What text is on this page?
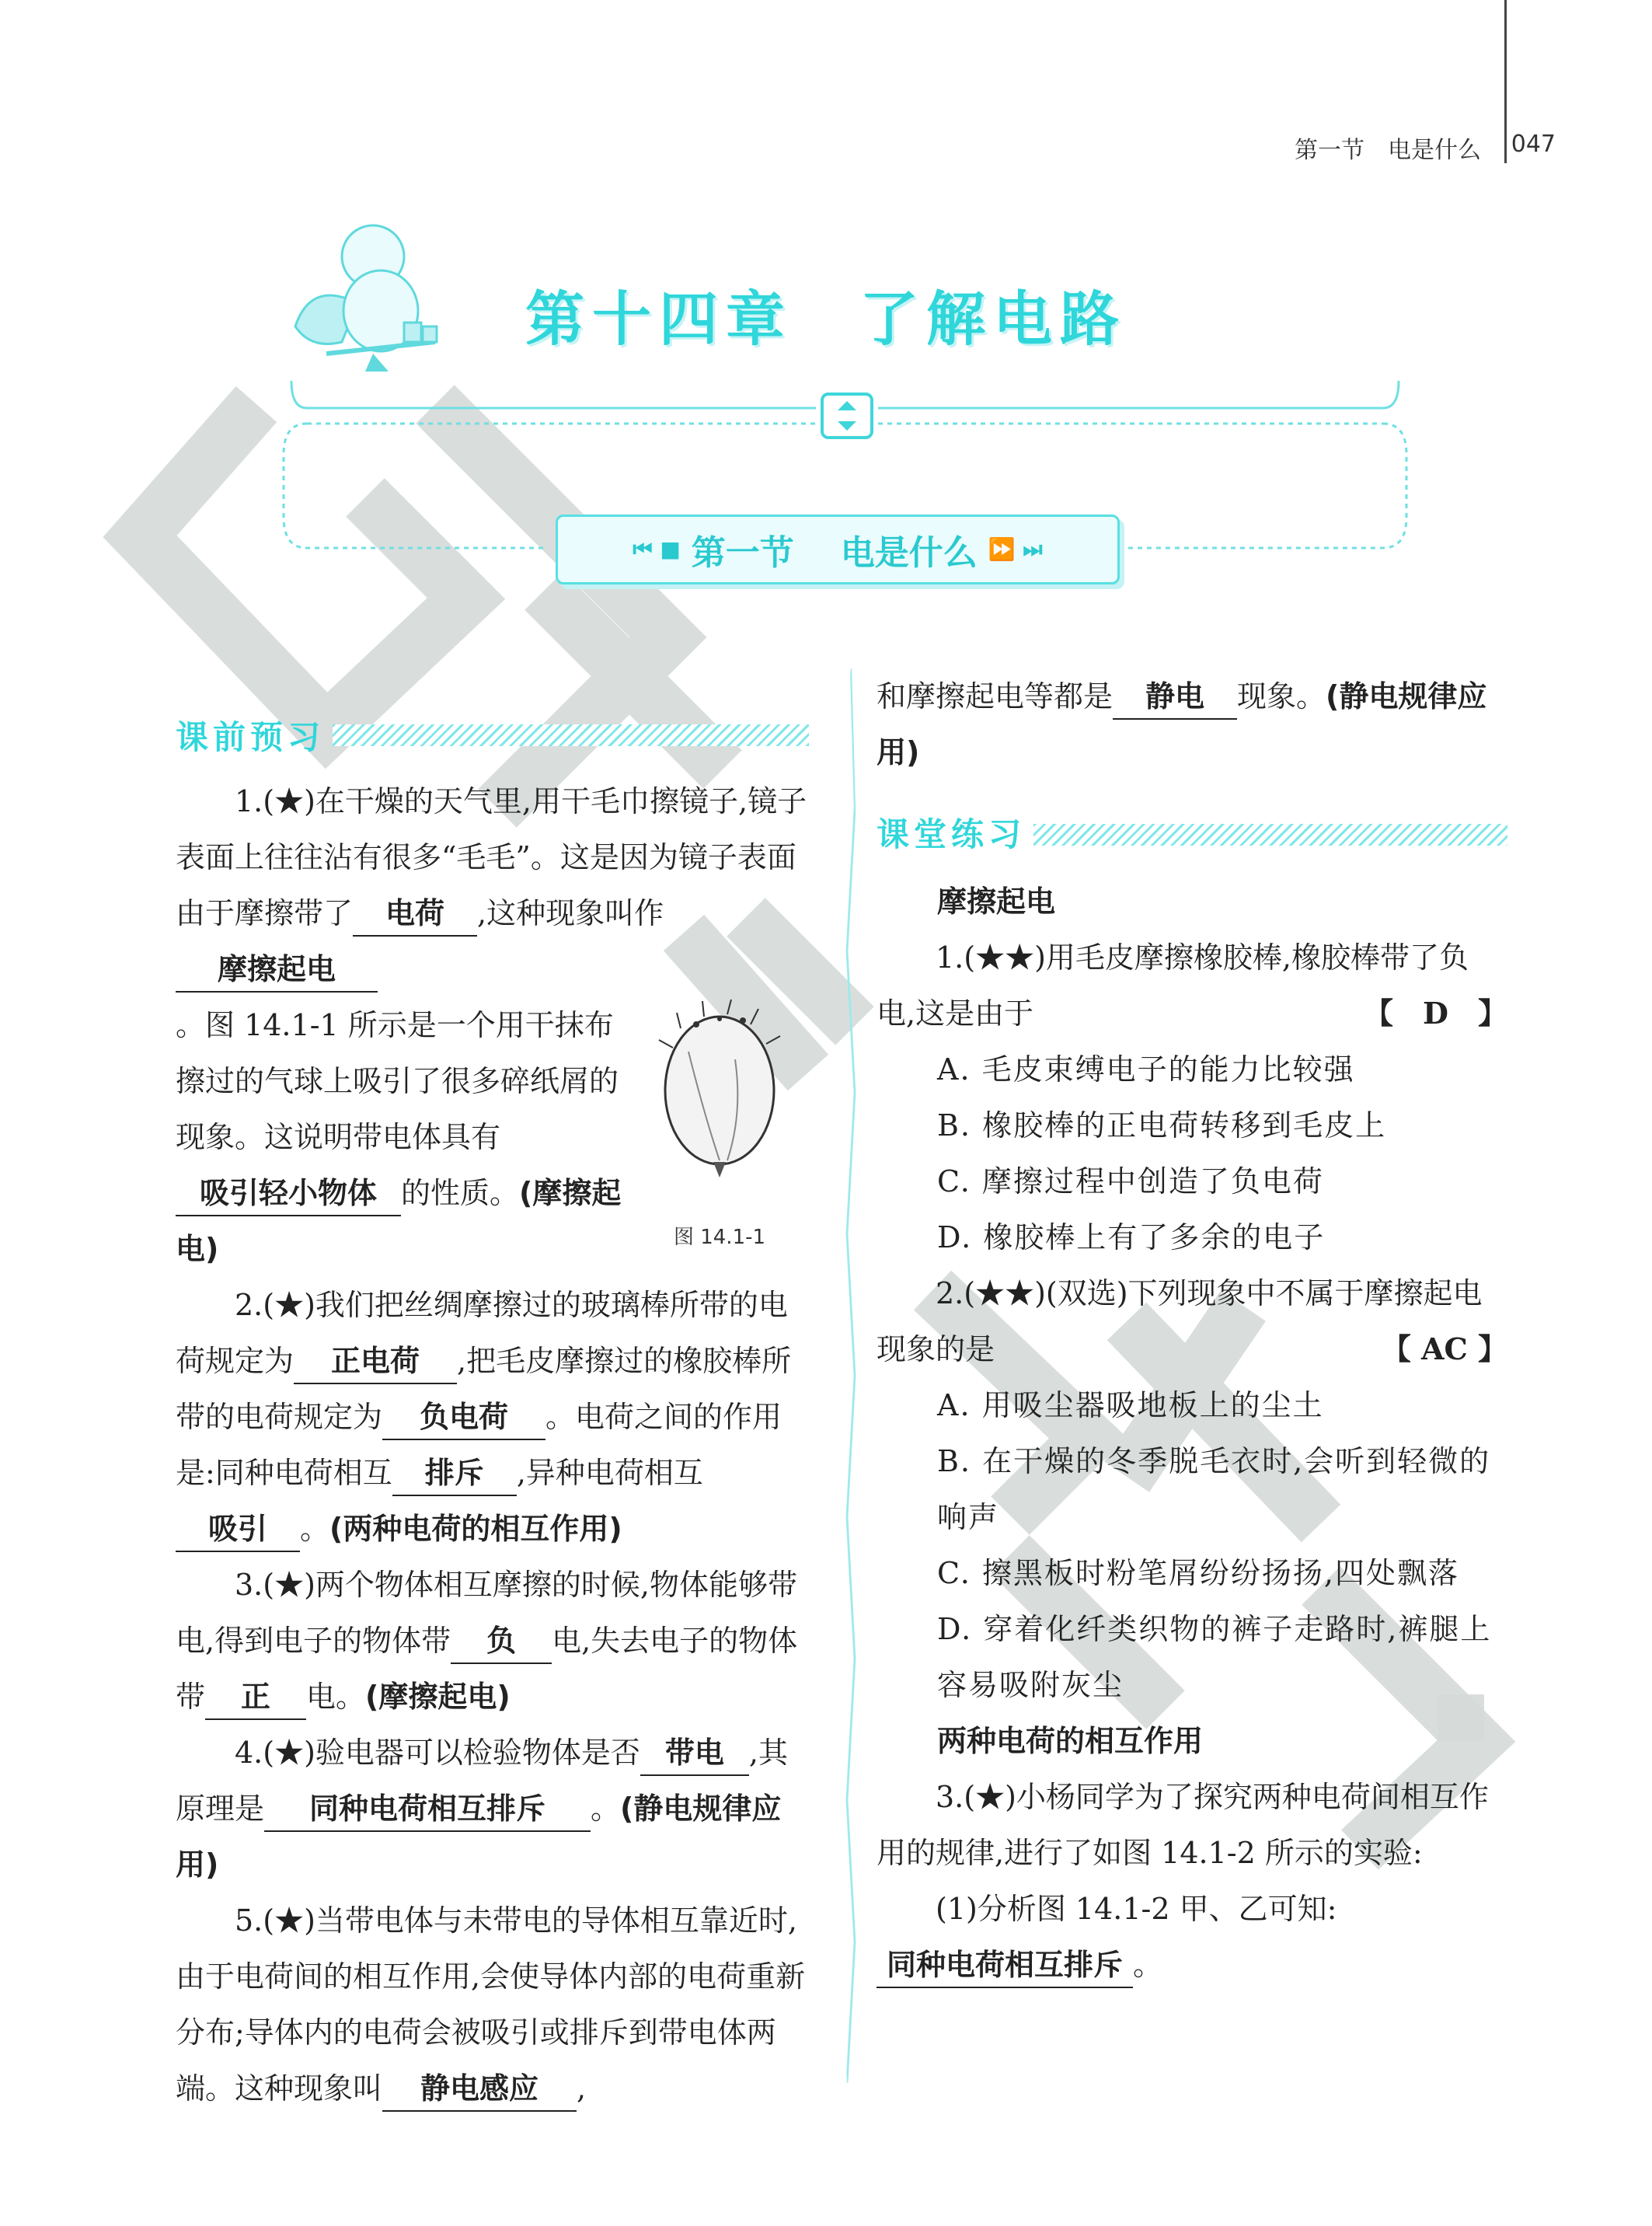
第一节　电是什么 047
第十四章　了解电路
⏮ ■ 第一节 电是什么 ⏩ ⏭
课前预习

1.(★)在干燥的天气里,用干毛巾擦镜子,镜子表面上往往沾有很多“毛毛”。这是因为镜子表面由于摩擦带了 电荷 ,这种现象叫作摩擦起电

图 14.1-1

。图 14.1-1 所示是一个用干抹布擦过的气球上吸引了很多碎纸屑的现象。这说明带电体具有吸引轻小物体 的性质。(摩擦起电)

2.(★)我们把丝绸摩擦过的玻璃棒所带的电荷规定为 正电荷 ,把毛皮摩擦过的橡胶棒所带的电荷规定为 负电荷 。电荷之间的作用是:同种电荷相互 排斥 ,异种电荷相互吸引 。(两种电荷的相互作用)

3.(★)两个物体相互摩擦的时候,物体能够带电,得到电子的物体带 负 电,失去电子的物体带 正 电。(摩擦起电)

4.(★)验电器可以检验物体是否 带电 ,其原理是 同种电荷相互排斥 。(静电规律应用)

5.(★)当带电体与未带电的导体相互靠近时,由于电荷间的相互作用,会使导体内部的电荷重新分布;导体内的电荷会被吸引或排斥到带电体两端。这种现象叫 静电感应 ,

和摩擦起电等都是 静电 现象。(静电规律应用)

课堂练习

摩擦起电

1.(★★)用毛皮摩擦橡胶棒,橡胶棒带了负电,这是由于	【　D　】

A. 毛皮束缚电子的能力比较强

B. 橡胶棒的正电荷转移到毛皮上

C. 摩擦过程中创造了负电荷

D. 橡胶棒上有了多余的电子

2.(★★)(双选)下列现象中不属于摩擦起电现象的是	【 AC 】

A. 用吸尘器吸地板上的尘土

B. 在干燥的冬季脱毛衣时,会听到轻微的响声

C. 擦黑板时粉笔屑纷纷扬扬,四处飘落

D. 穿着化纤类织物的裤子走路时,裤腿上容易吸附灰尘

两种电荷的相互作用

3.(★)小杨同学为了探究两种电荷间相互作用的规律,进行了如图 14.1-2 所示的实验:

(1)分析图 14.1-2 甲、乙可知:同种电荷相互排斥 。
